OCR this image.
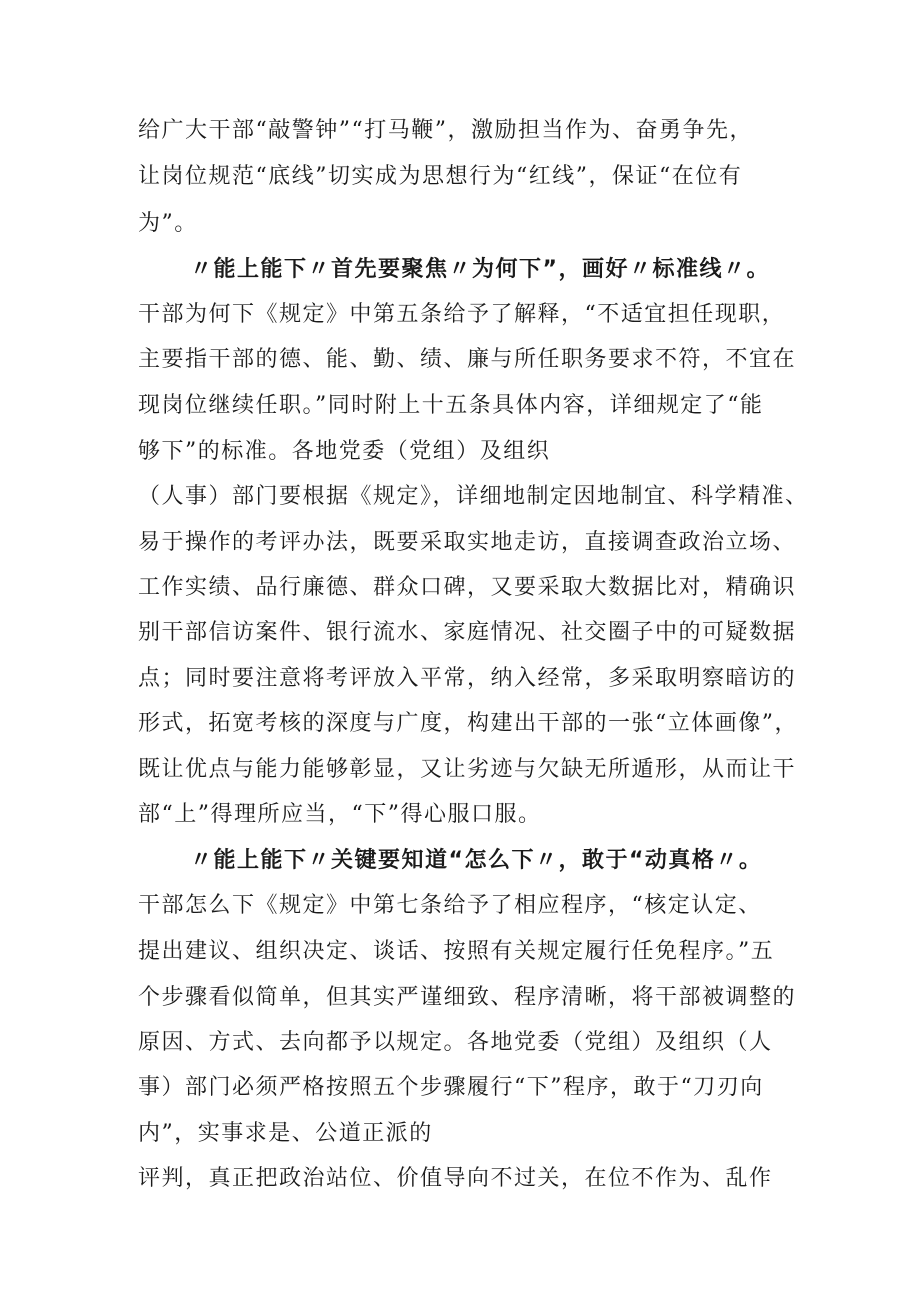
给广大干部“敲警钟”“打马鞭”，激励担当作为、奋勇争先，
让岗位规范“底线”切实成为思想行为“红线”，保证“在位有
为”。
〃能上能下〃首先要聚焦〃为何下”，画好〃标准线〃。
干部为何下《规定》中第五条给予了解释，“不适宜担任现职，
主要指干部的德、能、勤、绩、廉与所任职务要求不符，不宜在
现岗位继续任职。”同时附上十五条具体内容，详细规定了“能
够下”的标准。各地党委（党组）及组织
（人事）部门要根据《规定》，详细地制定因地制宜、科学精准、
易于操作的考评办法，既要采取实地走访，直接调查政治立场、
工作实绩、品行廉德、群众口碑，又要采取大数据比对，精确识
别干部信访案件、银行流水、家庭情况、社交圈子中的可疑数据
点；同时要注意将考评放入平常，纳入经常，多采取明察暗访的
形式，拓宽考核的深度与广度，构建出干部的一张“立体画像”，
既让优点与能力能够彰显，又让劣迹与欠缺无所遁形，从而让干
部“上”得理所应当，“下”得心服口服。
〃能上能下〃关键要知道“怎么下〃，敢于“动真格〃。
干部怎么下《规定》中第七条给予了相应程序，“核定认定、
提出建议、组织决定、谈话、按照有关规定履行任免程序。”五
个步骤看似简单，但其实严谨细致、程序清晰，将干部被调整的
原因、方式、去向都予以规定。各地党委（党组）及组织（人
事）部门必须严格按照五个步骤履行“下”程序，敢于“刀刃向
内”，实事求是、公道正派的
评判，真正把政治站位、价值导向不过关，在位不作为、乱作
